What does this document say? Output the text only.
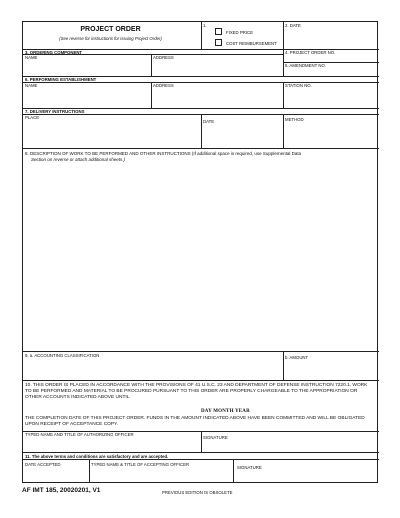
PROJECT ORDER
(See reverse for instructions for issuing Project Order)
1.
FIXED PRICE
COST REIMBURSEMENT
2. DATE
3. ORDERING COMPONENT
NAME	ADDRESS
4. PROJECT ORDER NO.
5. AMENDMENT NO.
6. PERFORMING ESTABLISHMENT
NAME	ADDRESS	STATION NO.
7. DELIVERY INSTRUCTIONS
PLACE
DATE	METHOD
8. DESCRIPTION OF WORK TO BE PERFORMED AND OTHER INSTRUCTIONS (If additional space is required, use Supplemental Data
Section on reverse or attach additional sheets.)
9. a. ACCOUNTING CLASSIFICATION	b. AMOUNT
10. THIS ORDER IS PLACED IN ACCORDANCE WITH THE PROVISIONS OF 41 U.S.C. 23 AND DEPARTMENT OF DEFENSE INSTRUCTION 7220.1. WORK TO BE PERFORMED AND MATERIAL TO BE PROCURED PURSUANT TO THIS ORDER ARE PROPERLY CHARGEABLE TO THE APPROPRIATION OR OTHER ACCOUNTS INDICATED ABOVE UNTIL
DAY MONTH YEAR
THE COMPLETION DATE OF THIS PROJECT ORDER. FUNDS IN THE AMOUNT INDICATED ABOVE HAVE BEEN COMMITTED AND WILL BE OBLIGATED UPON RECEIPT OF ACCEPTANCE COPY.
TYPED NAME AND TITLE OF AUTHORIZING OFFICER
SIGNATURE
11. The above terms and conditions are satisfactory and are accepted.
DATE ACCEPTED	TYPED NAME & TITLE OF ACCEPTING OFFICER
SIGNATURE
AF IMT 185, 20020201, V1	PREVIOUS EDITION IS OBSOLETE
